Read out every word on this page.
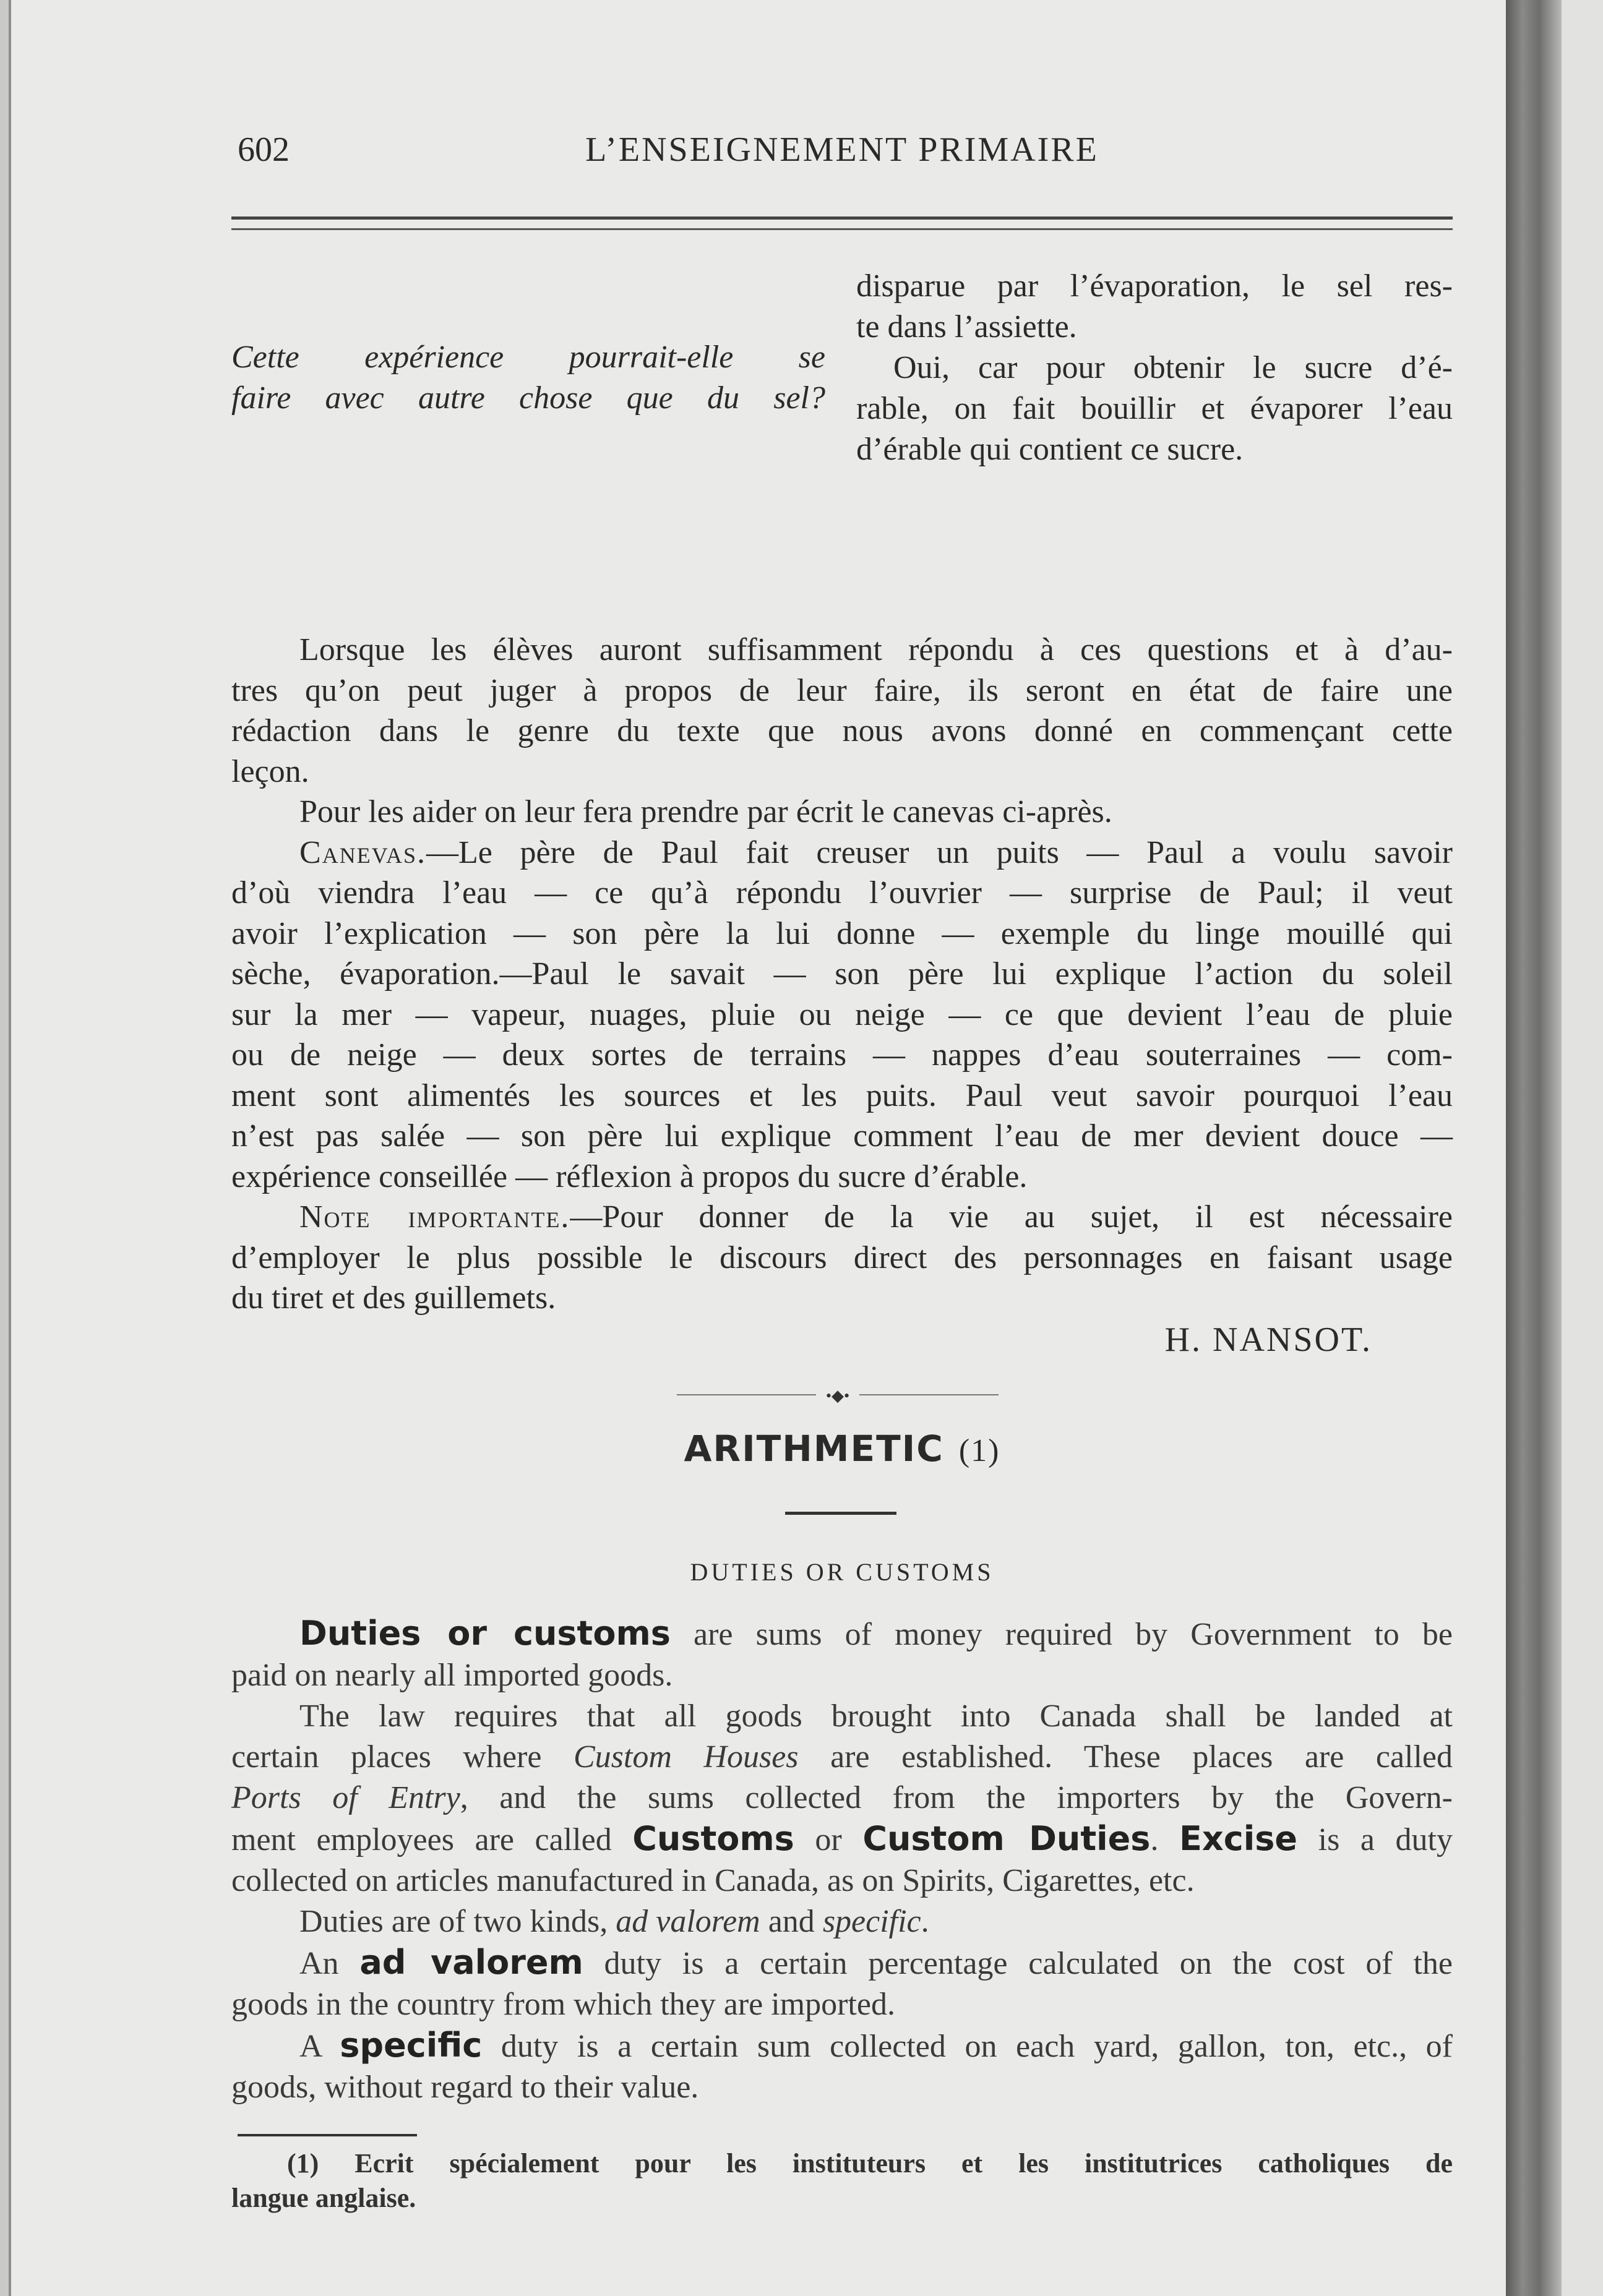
602	L’ENSEIGNEMENT PRIMAIRE
Cette expérience pourrait-elle se
faire avec autre chose que du sel?
disparue par l’évaporation, le sel res-
te dans l’assiette.
Oui, car pour obtenir le sucre d’é-
rable, on fait bouillir et évaporer l’eau
d’érable qui contient ce sucre.
Lorsque les élèves auront suffisamment répondu à ces questions et à d’au-
tres qu’on peut juger à propos de leur faire, ils seront en état de faire une
rédaction dans le genre du texte que nous avons donné en commençant cette
leçon.
Pour les aider on leur fera prendre par écrit le canevas ci-après.
Canevas.—Le père de Paul fait creuser un puits — Paul a voulu savoir
d’où viendra l’eau — ce qu’à répondu l’ouvrier — surprise de Paul; il veut
avoir l’explication — son père la lui donne — exemple du linge mouillé qui
sèche, évaporation.—Paul le savait — son père lui explique l’action du soleil
sur la mer — vapeur, nuages, pluie ou neige — ce que devient l’eau de pluie
ou de neige — deux sortes de terrains — nappes d’eau souterraines — com-
ment sont alimentés les sources et les puits. Paul veut savoir pourquoi l’eau
n’est pas salée — son père lui explique comment l’eau de mer devient douce —
expérience conseillée — réflexion à propos du sucre d’érable.
Note importante.—Pour donner de la vie au sujet, il est nécessaire
d’employer le plus possible le discours direct des personnages en faisant usage
du tiret et des guillemets.
H. NANSOT.
•◆•
ARITHMETIC (1)
DUTIES OR CUSTOMS
Duties or customs are sums of money required by Government to be
paid on nearly all imported goods.
The law requires that all goods brought into Canada shall be landed at
certain places where Custom Houses are established. These places are called
Ports of Entry, and the sums collected from the importers by the Govern-
ment employees are called Customs or Custom Duties. Excise is a duty
collected on articles manufactured in Canada, as on Spirits, Cigarettes, etc.
Duties are of two kinds, ad valorem and specific.
An ad valorem duty is a certain percentage calculated on the cost of the
goods in the country from which they are imported.
A specific duty is a certain sum collected on each yard, gallon, ton, etc., of
goods, without regard to their value.
(1) Ecrit spécialement pour les instituteurs et les institutrices catholiques de
langue anglaise.
